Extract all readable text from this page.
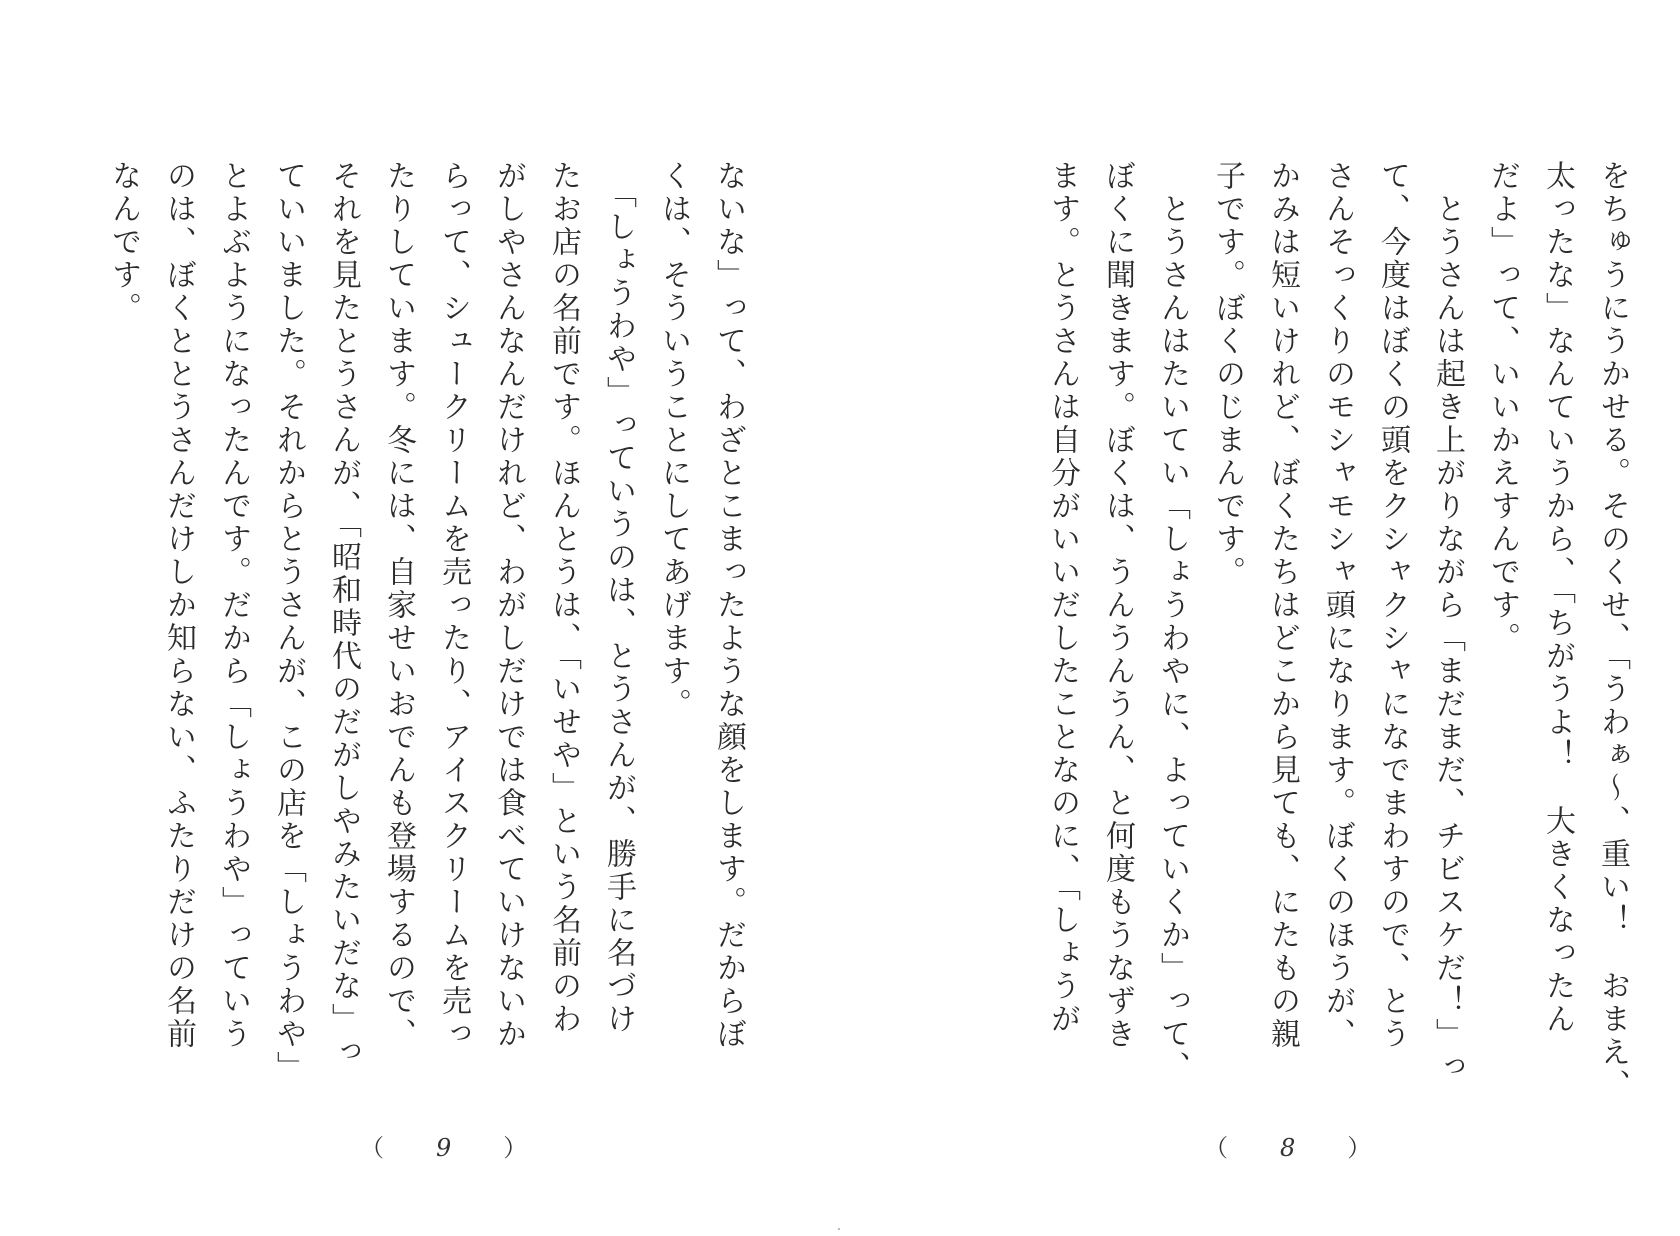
ないな」って、わざとこまったような顔をします。だからぼ
くは、そういうことにしてあげます。
　「しょうわや」っていうのは、とうさんが、勝手に名づけ
たお店の名前です。ほんとうは、「いせや」という名前のわ
がしやさんなんだけれど、わがしだけでは食べていけないか
らって、シュークリームを売ったり、アイスクリームを売っ
たりしています。冬には、自家せいおでんも登場するので、
それを見たとうさんが、「昭和時代のだがしやみたいだな」っ
ていいました。それからとうさんが、この店を「しょうわや」
とよぶようになったんです。だから「しょうわや」っていう
のは、ぼくととうさんだけしか知らない、ふたりだけの名前
なんです。
（ 9 ）
をちゅうにうかせる。そのくせ、「うわぁ〜、重い！　おまえ、
太ったな」なんていうから、「ちがうよ！　大きくなったん
だよ」って、いいかえすんです。
　とうさんは起き上がりながら「まだまだ、チビスケだ！」っ
て、今度はぼくの頭をクシャクシャになでまわすので、とう
さんそっくりのモシャモシャ頭になります。ぼくのほうが、
かみは短いけれど、ぼくたちはどこから見ても、にたもの親
子です。ぼくのじまんです。
　とうさんはたいてい「しょうわやに、よっていくか」って、
ぼくに聞きます。ぼくは、うんうんうん、と何度もうなずき
ます。とうさんは自分がいいだしたことなのに、「しょうが
（ 8 ）
